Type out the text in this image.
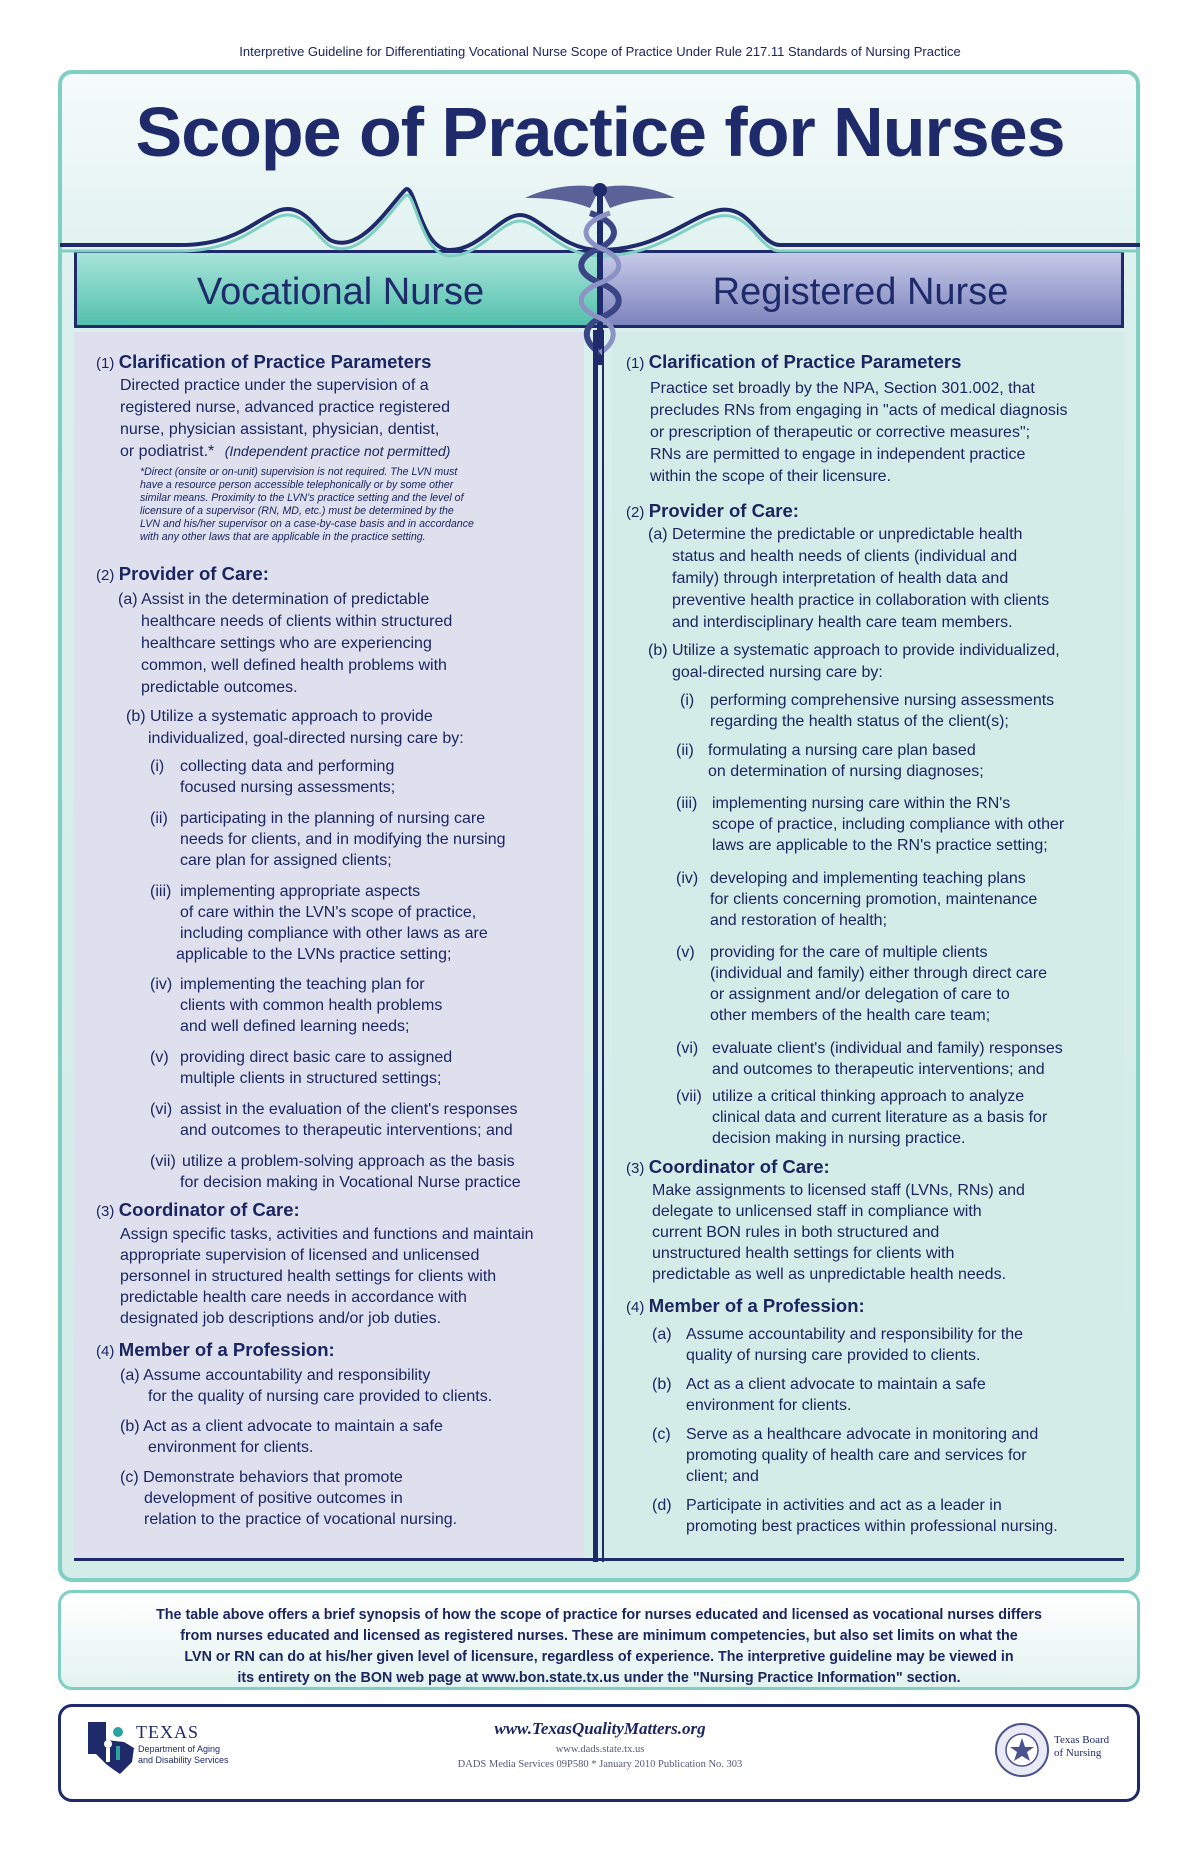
Interpretive Guideline for Differentiating Vocational Nurse Scope of Practice Under Rule 217.11 Standards of Nursing Practice
Scope of Practice for Nurses
Vocational Nurse	Registered Nurse
(1) Clarification of Practice Parameters

Directed practice under the supervision of a

registered nurse, advanced practice registered

nurse, physician assistant, physician, dentist,

or podiatrist.* (Independent practice not permitted)

*Direct (onsite or on-unit) supervision is not required. The LVN must

have a resource person accessible telephonically or by some other

similar means. Proximity to the LVN's practice setting and the level of

licensure of a supervisor (RN, MD, etc.) must be determined by the

LVN and his/her supervisor on a case-by-case basis and in accordance

with any other laws that are applicable in the practice setting.

(2) Provider of Care:

(a) Assist in the determination of predictable

healthcare needs of clients within structured

healthcare settings who are experiencing

common, well defined health problems with

predictable outcomes.

(b) Utilize a systematic approach to provide

individualized, goal-directed nursing care by:

(i) collecting data and performing

focused nursing assessments;

(ii) participating in the planning of nursing care

needs for clients, and in modifying the nursing

care plan for assigned clients;

(iii) implementing appropriate aspects

of care within the LVN's scope of practice,

including compliance with other laws as are

applicable to the LVNs practice setting;

(iv) implementing the teaching plan for

clients with common health problems

and well defined learning needs;

(v) providing direct basic care to assigned

multiple clients in structured settings;

(vi) assist in the evaluation of the client's responses

and outcomes to therapeutic interventions; and

(vii) utilize a problem-solving approach as the basis

for decision making in Vocational Nurse practice

(3) Coordinator of Care:

Assign specific tasks, activities and functions and maintain

appropriate supervision of licensed and unlicensed

personnel in structured health settings for clients with

predictable health care needs in accordance with

designated job descriptions and/or job duties.

(4) Member of a Profession:

(a) Assume accountability and responsibility

for the quality of nursing care provided to clients.

(b) Act as a client advocate to maintain a safe

environment for clients.

(c) Demonstrate behaviors that promote

development of positive outcomes in

relation to the practice of vocational nursing.

(1) Clarification of Practice Parameters

Practice set broadly by the NPA, Section 301.002, that

precludes RNs from engaging in "acts of medical diagnosis

or prescription of therapeutic or corrective measures";

RNs are permitted to engage in independent practice

within the scope of their licensure.

(2) Provider of Care:

(a) Determine the predictable or unpredictable health

status and health needs of clients (individual and

family) through interpretation of health data and

preventive health practice in collaboration with clients

and interdisciplinary health care team members.

(b) Utilize a systematic approach to provide individualized,

goal-directed nursing care by:

(i) performing comprehensive nursing assessments

regarding the health status of the client(s);

(ii) formulating a nursing care plan based

on determination of nursing diagnoses;

(iii) implementing nursing care within the RN's

scope of practice, including compliance with other

laws are applicable to the RN's practice setting;

(iv) developing and implementing teaching plans

for clients concerning promotion, maintenance

and restoration of health;

(v) providing for the care of multiple clients

(individual and family) either through direct care

or assignment and/or delegation of care to

other members of the health care team;

(vi) evaluate client's (individual and family) responses

and outcomes to therapeutic interventions; and

(vii) utilize a critical thinking approach to analyze

clinical data and current literature as a basis for

decision making in nursing practice.

(3) Coordinator of Care:

Make assignments to licensed staff (LVNs, RNs) and

delegate to unlicensed staff in compliance with

current BON rules in both structured and

unstructured health settings for clients with

predictable as well as unpredictable health needs.

(4) Member of a Profession:

(a) Assume accountability and responsibility for the

quality of nursing care provided to clients.

(b) Act as a client advocate to maintain a safe

environment for clients.

(c) Serve as a healthcare advocate in monitoring and

promoting quality of health care and services for

client; and

(d) Participate in activities and act as a leader in

promoting best practices within professional nursing.

The table above offers a brief synopsis of how the scope of practice for nurses educated and licensed as vocational nurses differs
from nurses educated and licensed as registered nurses. These are minimum competencies, but also set limits on what the
LVN or RN can do at his/her given level of licensure, regardless of experience. The interpretive guideline may be viewed in
its entirety on the BON web page at www.bon.state.tx.us under the "Nursing Practice Information" section.

TEXAS
Department of Aging
and Disability Services
www.TexasQualityMatters.org
www.dads.state.tx.us
DADS Media Services 09P580 * January 2010 Publication No. 303
Texas Board
of Nursing
